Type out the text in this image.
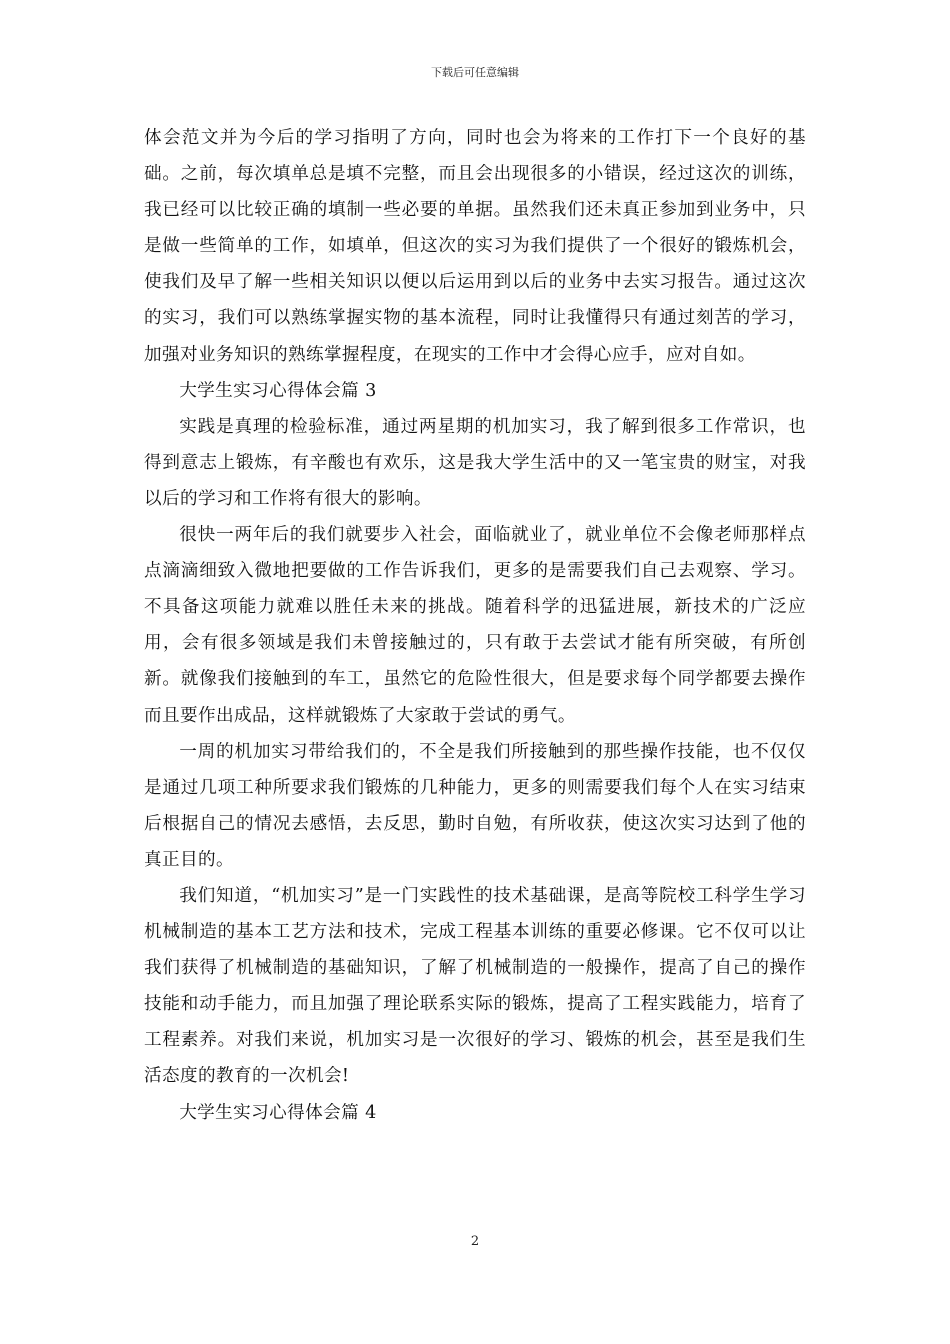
下载后可任意编辑

体会范文并为今后的学习指明了方向，同时也会为将来的工作打下一个良好的基础。之前，每次填单总是填不完整，而且会出现很多的小错误，经过这次的训练，我已经可以比较正确的填制一些必要的单据。虽然我们还未真正参加到业务中，只是做一些简单的工作，如填单，但这次的实习为我们提供了一个很好的锻炼机会，使我们及早了解一些相关知识以便以后运用到以后的业务中去实习报告。通过这次的实习，我们可以熟练掌握实物的基本流程，同时让我懂得只有通过刻苦的学习，加强对业务知识的熟练掌握程度，在现实的工作中才会得心应手，应对自如。

大学生实习心得体会篇 3

实践是真理的检验标准，通过两星期的机加实习，我了解到很多工作常识，也得到意志上锻炼，有辛酸也有欢乐，这是我大学生活中的又一笔宝贵的财宝，对我以后的学习和工作将有很大的影响。

很快一两年后的我们就要步入社会，面临就业了，就业单位不会像老师那样点点滴滴细致入微地把要做的工作告诉我们，更多的是需要我们自己去观察、学习。不具备这项能力就难以胜任未来的挑战。随着科学的迅猛进展，新技术的广泛应用，会有很多领域是我们未曾接触过的，只有敢于去尝试才能有所突破，有所创新。就像我们接触到的车工，虽然它的危险性很大，但是要求每个同学都要去操作而且要作出成品，这样就锻炼了大家敢于尝试的勇气。

一周的机加实习带给我们的，不全是我们所接触到的那些操作技能，也不仅仅是通过几项工种所要求我们锻炼的几种能力，更多的则需要我们每个人在实习结束后根据自己的情况去感悟，去反思，勤时自勉，有所收获，使这次实习达到了他的真正目的。

我们知道，“机加实习”是一门实践性的技术基础课，是高等院校工科学生学习机械制造的基本工艺方法和技术，完成工程基本训练的重要必修课。它不仅可以让我们获得了机械制造的基础知识，了解了机械制造的一般操作，提高了自己的操作技能和动手能力，而且加强了理论联系实际的锻炼，提高了工程实践能力，培育了工程素养。对我们来说，机加实习是一次很好的学习、锻炼的机会，甚至是我们生活态度的教育的一次机会!

大学生实习心得体会篇 4

2
